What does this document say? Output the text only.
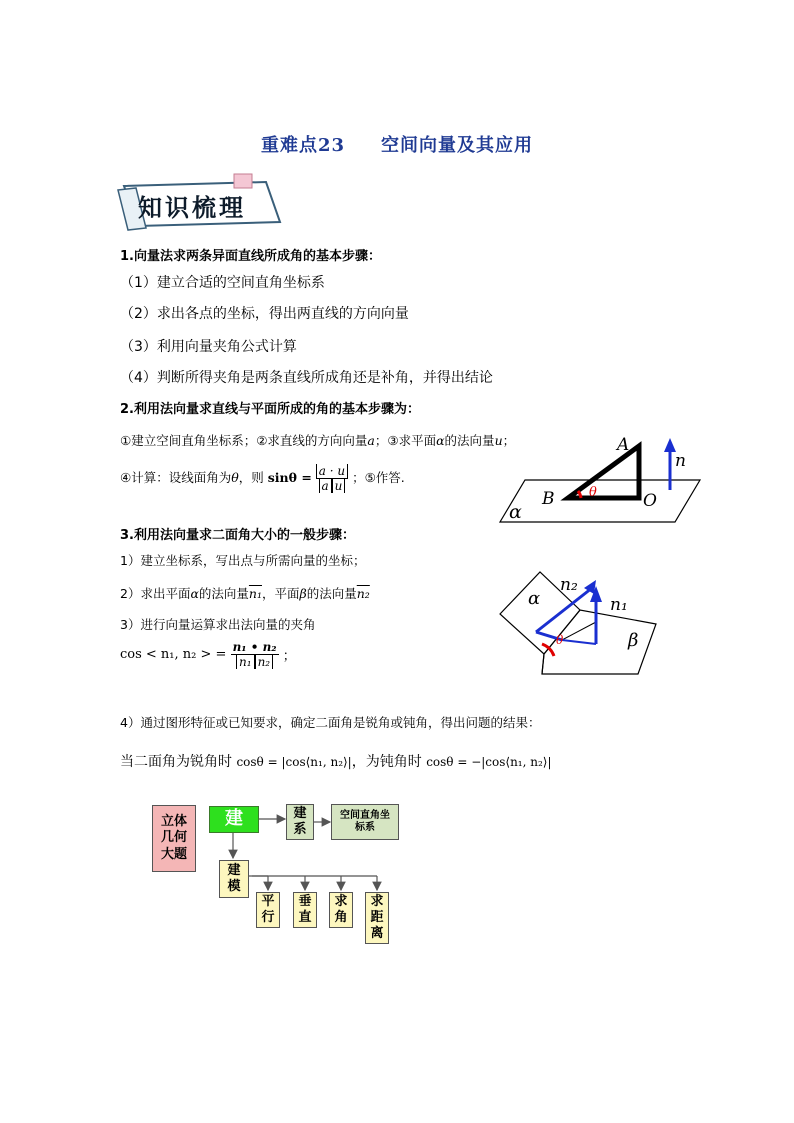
重难点23 空间向量及其应用
知识梳理
1.向量法求两条异面直线所成角的基本步骤：
（1）建立合适的空间直角坐标系
（2）求出各点的坐标，得出两直线的方向向量
（3）利用向量夹角公式计算
（4）判断所得夹角是两条直线所成角还是补角，并得出结论
2.利用法向量求直线与平面所成的角的基本步骤为：
①建立空间直角坐标系；②求直线的方向向量a；③求平面α的法向量u；
④计算：设线面角为θ，则 $\sin\theta = \frac{a \cdot u}{\text{a u}}$ ；⑤作答.
A
n
θ
B	O
α
3.利用法向量求二面角大小的一般步骤：
1）建立坐标系，写出点与所需向量的坐标；
2）求出平面α的法向量n₁，平面β的法向量n₂
3）进行向量运算求出法向量的夹角
cos < n₁, n₂ > = $\frac{\text{n₁ • n₂}}{\text{n₁ n₂}}$ ；
θ
n₂
n₁
α
β
4）通过图形特征或已知要求，确定二面角是锐角或钝角，得出问题的结果：
当二面角为锐角时 cosθ = |cos⟨n₁, n₂⟩|，为钝角时 cosθ = −|cos⟨n₁, n₂⟩|
立体几何大题
建	建系
空间直角坐标系
建模
平行
垂直
求角
求距离
